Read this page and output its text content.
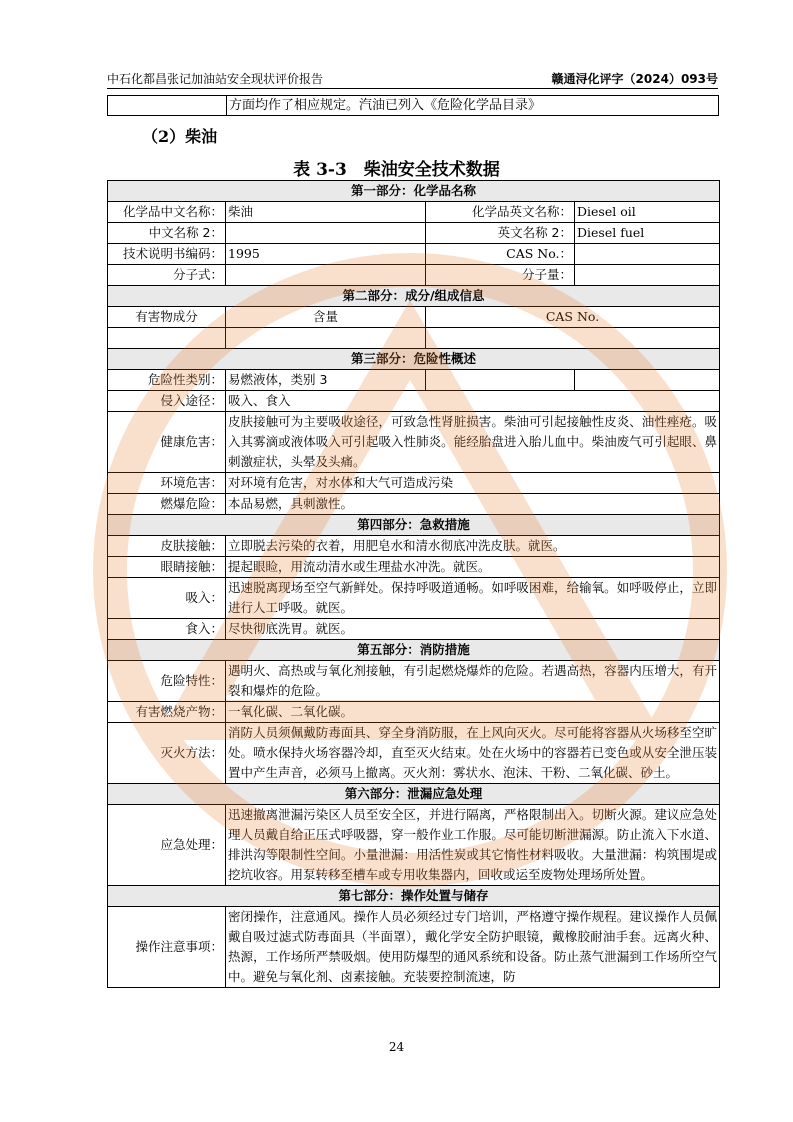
中石化都昌张记加油站安全现状评价报告	赣通浔化评字（2024）093号
方面均作了相应规定。汽油已列入《危险化学品目录》
（2）柴油
表 3-3　柴油安全技术数据
第一部分：化学品名称			
化学品中文名称：	柴油	化学品英文名称：	Diesel oil
中文名称 2：		英文名称 2：	Diesel fuel
技术说明书编码：	1995	CAS No.：	
分子式：		分子量：	
第二部分：成分/组成信息			
有害物成分	含量	CAS No.	

第三部分：危险性概述			
危险性类别：	易燃液体，类别 3		
侵入途径：	吸入、食入		
健康危害：	皮肤接触可为主要吸收途径，可致急性肾脏损害。柴油可引起接触性皮炎、油性痤疮。吸入其雾滴或液体吸入可引起吸入性肺炎。能经胎盘进入胎儿血中。柴油废气可引起眼、鼻刺激症状，头晕及头痛。		
环境危害：	对环境有危害，对水体和大气可造成污染		
燃爆危险：	本品易燃，具刺激性。		
第四部分：急救措施			
皮肤接触：	立即脱去污染的衣着，用肥皂水和清水彻底冲洗皮肤。就医。		
眼睛接触：	提起眼睑，用流动清水或生理盐水冲洗。就医。		
吸入：	迅速脱离现场至空气新鲜处。保持呼吸道通畅。如呼吸困难，给输氧。如呼吸停止，立即进行人工呼吸。就医。		
食入：	尽快彻底洗胃。就医。		
第五部分：消防措施			
危险特性：	遇明火、高热或与氧化剂接触，有引起燃烧爆炸的危险。若遇高热，容器内压增大，有开裂和爆炸的危险。		
有害燃烧产物：	一氧化碳、二氧化碳。		
灭火方法：	消防人员须佩戴防毒面具、穿全身消防服，在上风向灭火。尽可能将容器从火场移至空旷处。喷水保持火场容器冷却，直至灭火结束。处在火场中的容器若已变色或从安全泄压装置中产生声音，必须马上撤离。灭火剂：雾状水、泡沫、干粉、二氧化碳、砂土。		
第六部分：泄漏应急处理			
应急处理：	迅速撤离泄漏污染区人员至安全区，并进行隔离，严格限制出入。切断火源。建议应急处理人员戴自给正压式呼吸器，穿一般作业工作服。尽可能切断泄漏源。防止流入下水道、排洪沟等限制性空间。小量泄漏：用活性炭或其它惰性材料吸收。大量泄漏：构筑围堤或挖坑收容。用泵转移至槽车或专用收集器内，回收或运至废物处理场所处置。		
第七部分：操作处置与储存			
操作注意事项：	密闭操作，注意通风。操作人员必须经过专门培训，严格遵守操作规程。建议操作人员佩戴自吸过滤式防毒面具（半面罩），戴化学安全防护眼镜，戴橡胶耐油手套。远离火种、热源，工作场所严禁吸烟。使用防爆型的通风系统和设备。防止蒸气泄漏到工作场所空气中。避免与氧化剂、卤素接触。充装要控制流速，防		
24
